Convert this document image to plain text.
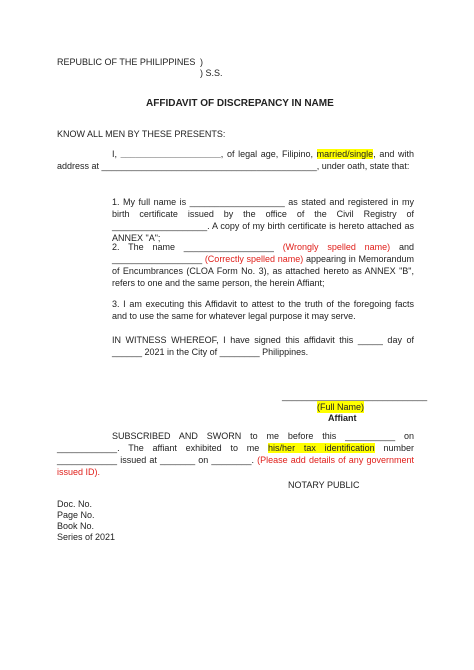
REPUBLIC OF THE PHILIPPINES )
) S.S.
AFFIDAVIT OF DISCREPANCY IN NAME
KNOW ALL MEN BY THESE PRESENTS:
I, ____________________, of legal age, Filipino, married/single, and with address at ___________________________________________, under oath, state that:
1. My full name is ___________________ as stated and registered in my birth certificate issued by the office of the Civil Registry of ___________________. A copy of my birth certificate is hereto attached as ANNEX "A";
2. The name __________________ (Wrongly spelled name) and __________________ (Correctly spelled name) appearing in Memorandum of Encumbrances (CLOA Form No. 3), as attached hereto as ANNEX "B", refers to one and the same person, the herein Affiant;
3. I am executing this Affidavit to attest to the truth of the foregoing facts and to use the same for whatever legal purpose it may serve.
IN WITNESS WHEREOF, I have signed this affidavit this _____ day of ______ 2021 in the City of ________ Philippines.
_____________________________
(Full Name)
Affiant
SUBSCRIBED AND SWORN to me before this __________ on ____________. The affiant exhibited to me his/her tax identification number ____________ issued at _______ on ________. (Please add details of any government issued ID).
NOTARY PUBLIC
Doc. No.
Page No.
Book No.
Series of 2021
